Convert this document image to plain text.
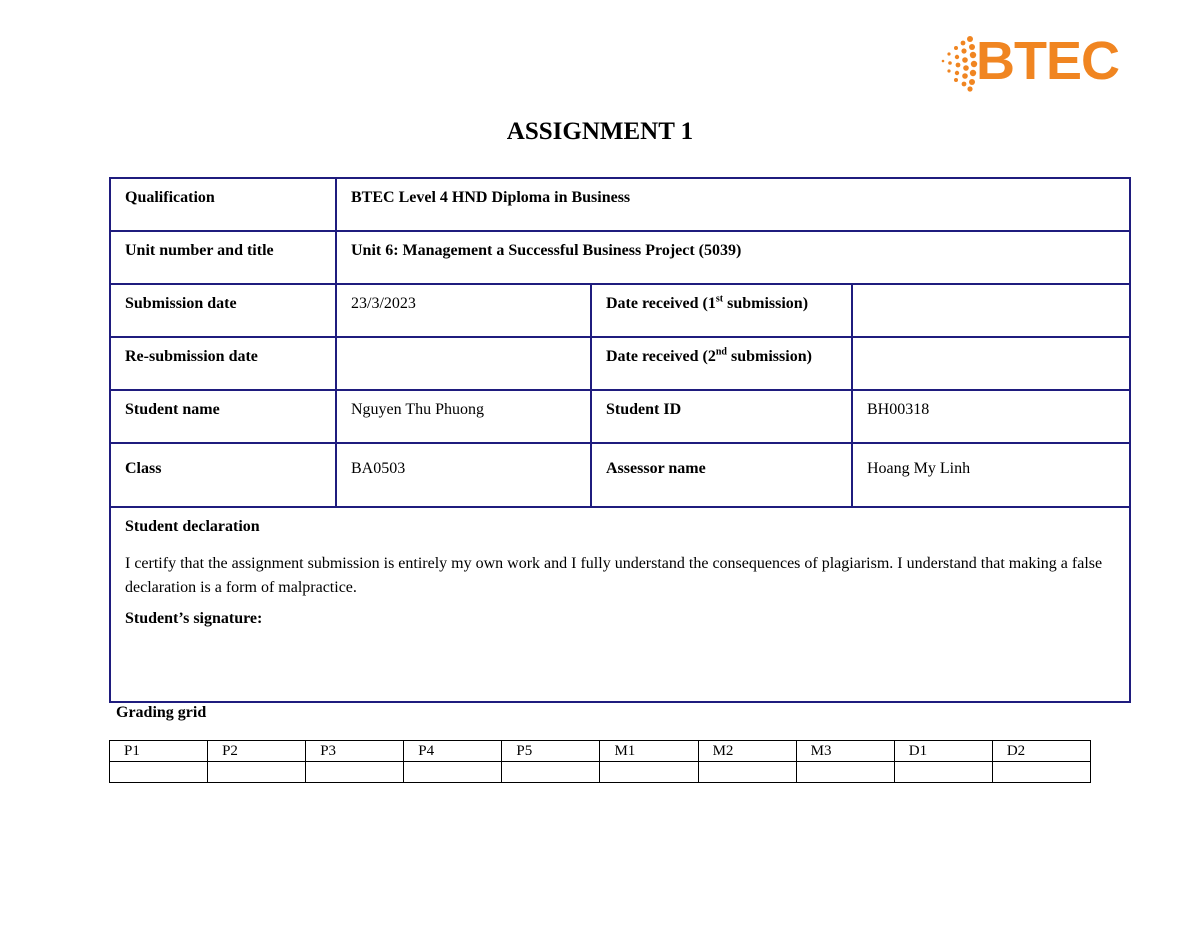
BTEC
ASSIGNMENT 1
Qualification	BTEC Level 4 HND Diploma in Business		
Unit number and title	Unit 6: Management a Successful Business Project (5039)		
Submission date	23/3/2023	Date received (1st submission)	
Re-submission date		Date received (2nd submission)	
Student name	Nguyen Thu Phuong	Student ID	BH00318
Class	BA0503	Assessor name	Hoang My Linh

Student declaration
I certify that the assignment submission is entirely my own work and I fully understand the consequences of plagiarism. I understand that making a false declaration is a form of malpractice.
Student’s signature:			
Grading grid
P1	P2	P3	P4	P5	M1	M2	M3	D1	D2
